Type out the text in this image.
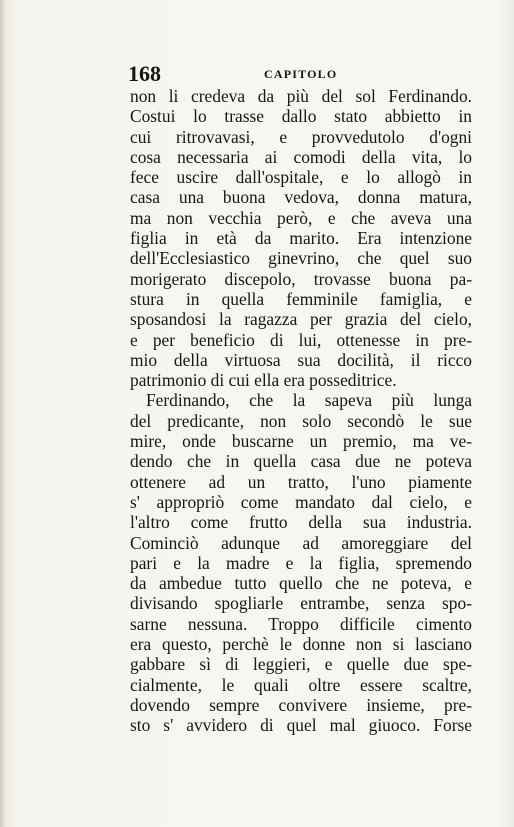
168	CAPITOLO
non li credeva da più del sol Ferdinando.
Costui lo trasse dallo stato abbietto in
cui ritrovavasi, e provvedutolo d'ogni
cosa necessaria ai comodi della vita, lo
fece uscire dall'ospitale, e lo allogò in
casa una buona vedova, donna matura,
ma non vecchia però, e che aveva una
figlia in età da marito. Era intenzione
dell'Ecclesiastico ginevrino, che quel suo
morigerato discepolo, trovasse buona pa-
stura in quella femminile famiglia, e
sposandosi la ragazza per grazia del cielo,
e per beneficio di lui, ottenesse in pre-
mio della virtuosa sua docilità, il ricco
patrimonio di cui ella era posseditrice.
Ferdinando, che la sapeva più lunga
del predicante, non solo secondò le sue
mire, onde buscarne un premio, ma ve-
dendo che in quella casa due ne poteva
ottenere ad un tratto, l'uno piamente
s' appropriò come mandato dal cielo, e
l'altro come frutto della sua industria.
Cominciò adunque ad amoreggiare del
pari e la madre e la figlia, spremendo
da ambedue tutto quello che ne poteva, e
divisando spogliarle entrambe, senza spo-
sarne nessuna. Troppo difficile cimento
era questo, perchè le donne non si lasciano
gabbare sì di leggieri, e quelle due spe-
cialmente, le quali oltre essere scaltre,
dovendo sempre convivere insieme, pre-
sto s' avvidero di quel mal giuoco. Forse
